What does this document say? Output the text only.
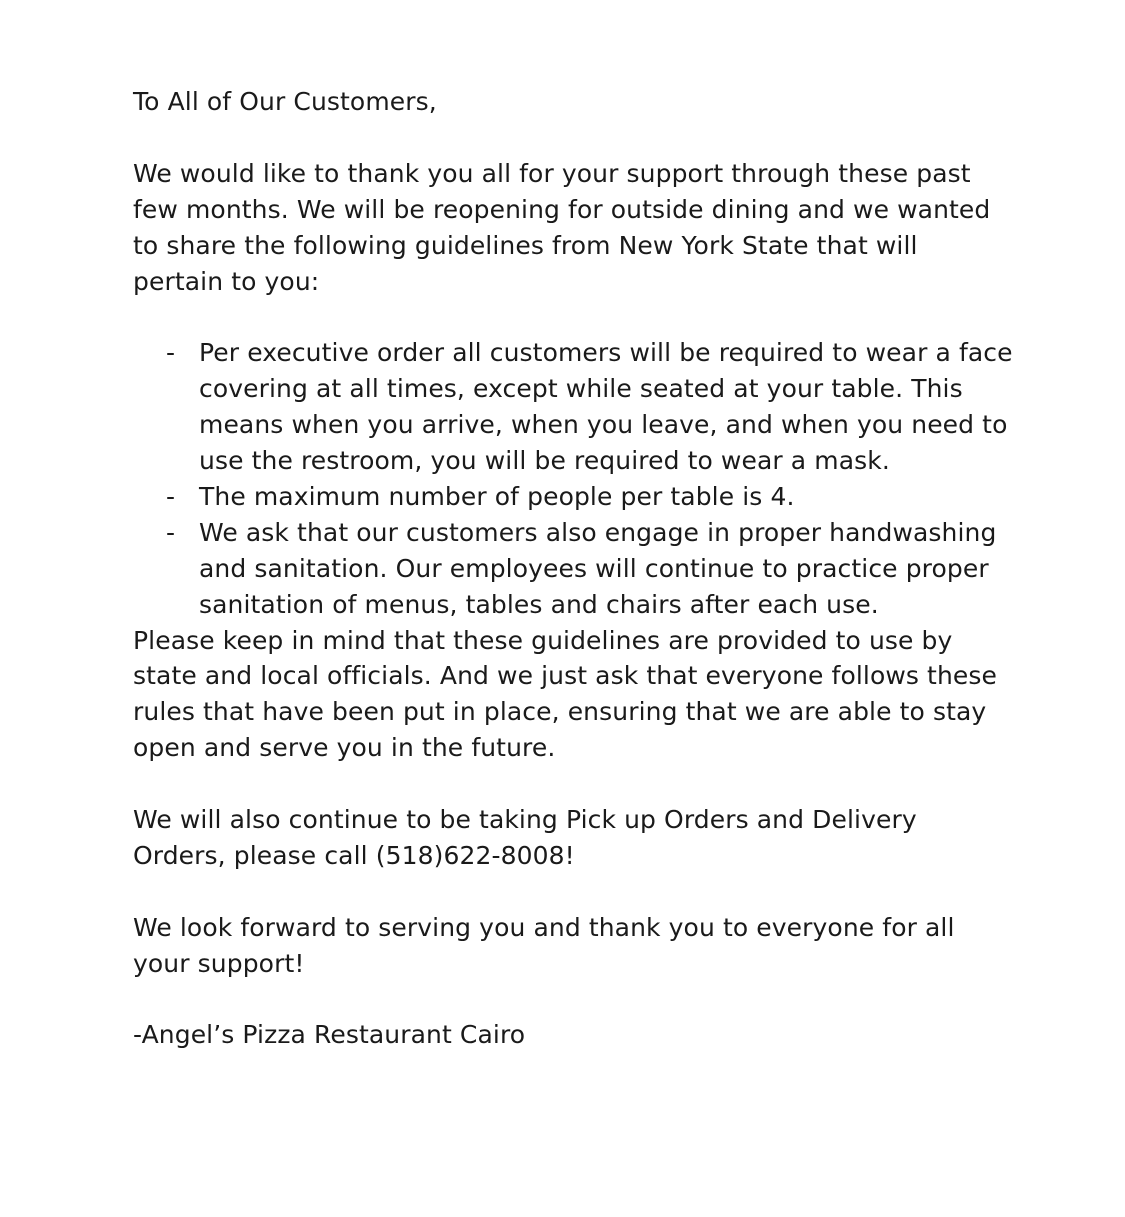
To All of Our Customers,

We would like to thank you all for your support through these past few months. We will be reopening for outside dining and we wanted to share the following guidelines from New York State that will pertain to you:

- Per executive order all customers will be required to wear a face covering at all times, except while seated at your table. This means when you arrive, when you leave, and when you need to use the restroom, you will be required to wear a mask.
- The maximum number of people per table is 4.
- We ask that our customers also engage in proper handwashing and sanitation. Our employees will continue to practice proper sanitation of menus, tables and chairs after each use.

Please keep in mind that these guidelines are provided to use by state and local officials. And we just ask that everyone follows these rules that have been put in place, ensuring that we are able to stay open and serve you in the future.

We will also continue to be taking Pick up Orders and Delivery Orders, please call (518)622-8008!

We look forward to serving you and thank you to everyone for all your support!

-Angel’s Pizza Restaurant Cairo
